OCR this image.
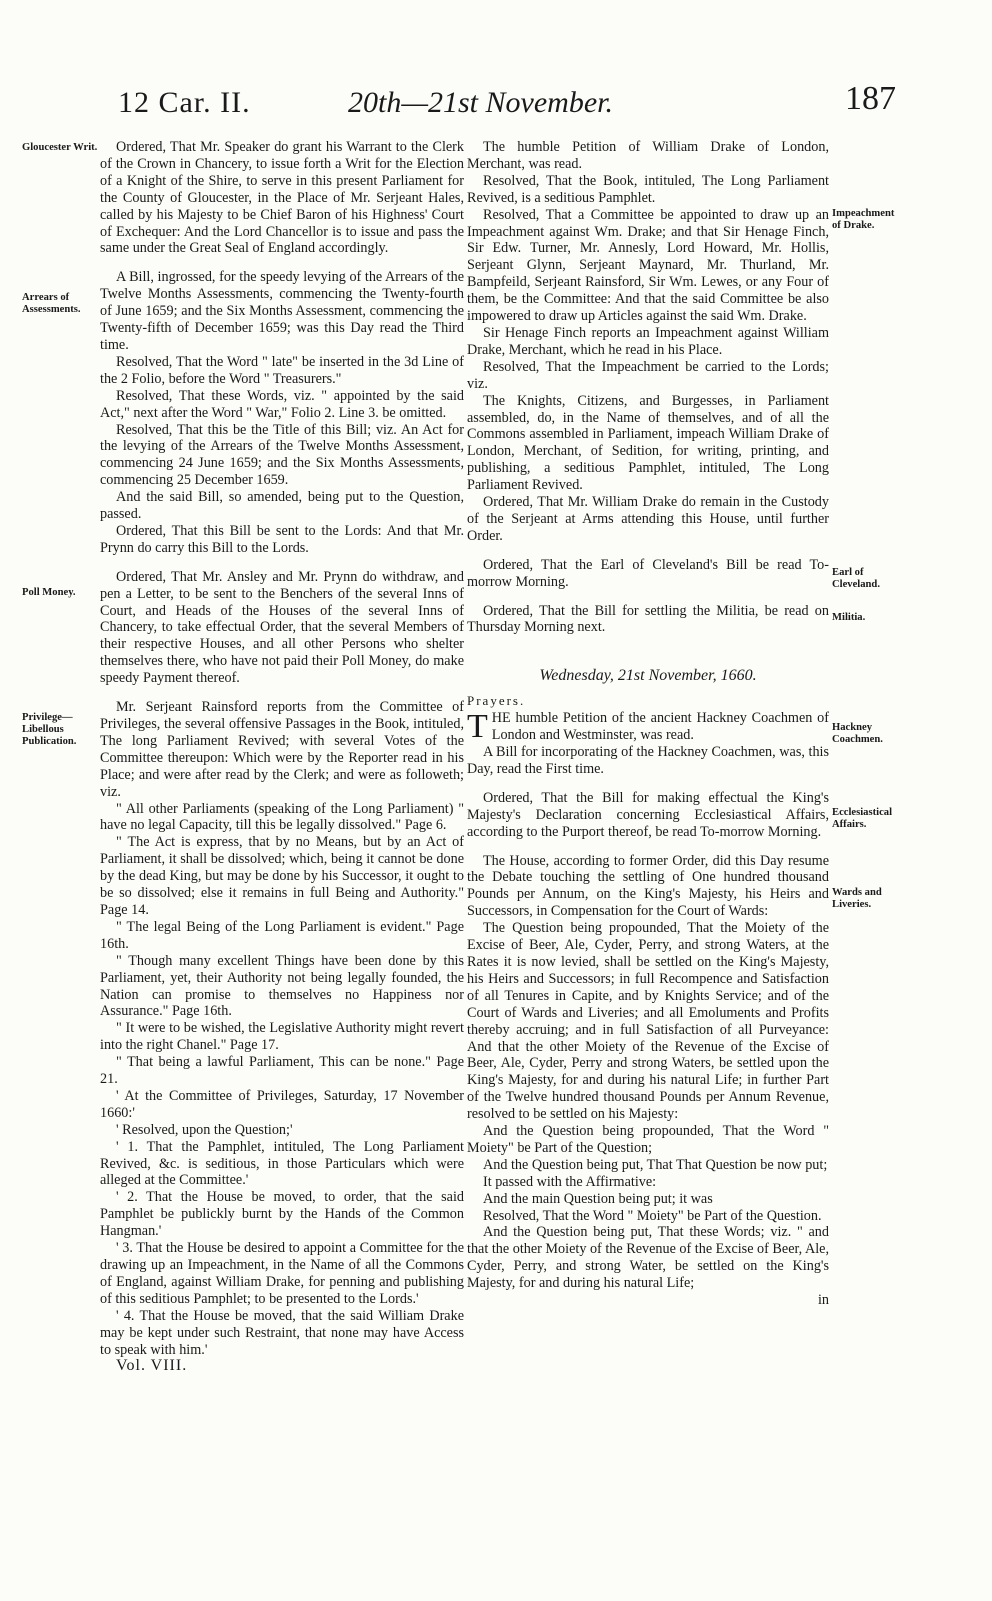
12 Car. II.	20th—21st November.	187
Gloucester Writ.
Arrears of Assessments.
Poll Money.
Privilege— Libellous Publication.
Impeachment of Drake.
Earl of Cleveland.
Militia.
Hackney Coachmen.
Ecclesiastical Affairs.
Wards and Liveries.

Ordered, That Mr. Speaker do grant his Warrant to the Clerk of the Crown in Chancery, to issue forth a Writ for the Election of a Knight of the Shire, to serve in this present Parliament for the County of Gloucester, in the Place of Mr. Serjeant Hales, called by his Majesty to be Chief Baron of his Highness' Court of Exchequer: And the Lord Chancellor is to issue and pass the same under the Great Seal of England accordingly.

A Bill, ingrossed, for the speedy levying of the Arrears of the Twelve Months Assessments, commencing the Twenty-fourth of June 1659; and the Six Months Assessment, commencing the Twenty-fifth of December 1659; was this Day read the Third time.

Resolved, That the Word " late" be inserted in the 3d Line of the 2 Folio, before the Word " Treasurers."

Resolved, That these Words, viz. " appointed by the said Act," next after the Word " War," Folio 2. Line 3. be omitted.

Resolved, That this be the Title of this Bill; viz. An Act for the levying of the Arrears of the Twelve Months Assessment, commencing 24 June 1659; and the Six Months Assessments, commencing 25 December 1659.

And the said Bill, so amended, being put to the Question, passed.

Ordered, That this Bill be sent to the Lords: And that Mr. Prynn do carry this Bill to the Lords.

Ordered, That Mr. Ansley and Mr. Prynn do withdraw, and pen a Letter, to be sent to the Benchers of the several Inns of Court, and Heads of the Houses of the several Inns of Chancery, to take effectual Order, that the several Members of their respective Houses, and all other Persons who shelter themselves there, who have not paid their Poll Money, do make speedy Payment thereof.

Mr. Serjeant Rainsford reports from the Committee of Privileges, the several offensive Passages in the Book, intituled, The long Parliament Revived; with several Votes of the Committee thereupon: Which were by the Reporter read in his Place; and were after read by the Clerk; and were as followeth; viz.

" All other Parliaments (speaking of the Long Parliament) " have no legal Capacity, till this be legally dissolved." Page 6.

" The Act is express, that by no Means, but by an Act of Parliament, it shall be dissolved; which, being it cannot be done by the dead King, but may be done by his Successor, it ought to be so dissolved; else it remains in full Being and Authority." Page 14.

" The legal Being of the Long Parliament is evident." Page 16th.

" Though many excellent Things have been done by this Parliament, yet, their Authority not being legally founded, the Nation can promise to themselves no Happiness nor Assurance." Page 16th.

" It were to be wished, the Legislative Authority might revert into the right Chanel." Page 17.

" That being a lawful Parliament, This can be none." Page 21.

' At the Committee of Privileges, Saturday, 17 November 1660:'

' Resolved, upon the Question;'

' 1. That the Pamphlet, intituled, The Long Parliament Revived, &c. is seditious, in those Particulars which were alleged at the Committee.'

' 2. That the House be moved, to order, that the said Pamphlet be publickly burnt by the Hands of the Common Hangman.'

' 3. That the House be desired to appoint a Committee for the drawing up an Impeachment, in the Name of all the Commons of England, against William Drake, for penning and publishing of this seditious Pamphlet; to be presented to the Lords.'

' 4. That the House be moved, that the said William Drake may be kept under such Restraint, that none may have Access to speak with him.'

Vol. VIII.

The humble Petition of William Drake of London, Merchant, was read.

Resolved, That the Book, intituled, The Long Parliament Revived, is a seditious Pamphlet.

Resolved, That a Committee be appointed to draw up an Impeachment against Wm. Drake; and that Sir Henage Finch, Sir Edw. Turner, Mr. Annesly, Lord Howard, Mr. Hollis, Serjeant Glynn, Serjeant Maynard, Mr. Thurland, Mr. Bampfeild, Serjeant Rainsford, Sir Wm. Lewes, or any Four of them, be the Committee: And that the said Committee be also impowered to draw up Articles against the said Wm. Drake.

Sir Henage Finch reports an Impeachment against William Drake, Merchant, which he read in his Place.

Resolved, That the Impeachment be carried to the Lords; viz.

The Knights, Citizens, and Burgesses, in Parliament assembled, do, in the Name of themselves, and of all the Commons assembled in Parliament, impeach William Drake of London, Merchant, of Sedition, for writing, printing, and publishing, a seditious Pamphlet, intituled, The Long Parliament Revived.

Ordered, That Mr. William Drake do remain in the Custody of the Serjeant at Arms attending this House, until further Order.

Ordered, That the Earl of Cleveland's Bill be read To-morrow Morning.

Ordered, That the Bill for settling the Militia, be read on Thursday Morning next.

Wednesday, 21st November, 1660.
Prayers.

THE humble Petition of the ancient Hackney Coachmen of London and Westminster, was read.

A Bill for incorporating of the Hackney Coachmen, was, this Day, read the First time.

Ordered, That the Bill for making effectual the King's Majesty's Declaration concerning Ecclesiastical Affairs, according to the Purport thereof, be read To-morrow Morning.

The House, according to former Order, did this Day resume the Debate touching the settling of One hundred thousand Pounds per Annum, on the King's Majesty, his Heirs and Successors, in Compensation for the Court of Wards:

The Question being propounded, That the Moiety of the Excise of Beer, Ale, Cyder, Perry, and strong Waters, at the Rates it is now levied, shall be settled on the King's Majesty, his Heirs and Successors; in full Recompence and Satisfaction of all Tenures in Capite, and by Knights Service; and of the Court of Wards and Liveries; and all Emoluments and Profits thereby accruing; and in full Satisfaction of all Purveyance: And that the other Moiety of the Revenue of the Excise of Beer, Ale, Cyder, Perry and strong Waters, be settled upon the King's Majesty, for and during his natural Life; in further Part of the Twelve hundred thousand Pounds per Annum Revenue, resolved to be settled on his Majesty:

And the Question being propounded, That the Word " Moiety" be Part of the Question;

And the Question being put, That That Question be now put;

It passed with the Affirmative:

And the main Question being put; it was

Resolved, That the Word " Moiety" be Part of the Question.

And the Question being put, That these Words; viz. " and that the other Moiety of the Revenue of the Excise of Beer, Ale, Cyder, Perry, and strong Water, be settled on the King's Majesty, for and during his natural Life;

in
